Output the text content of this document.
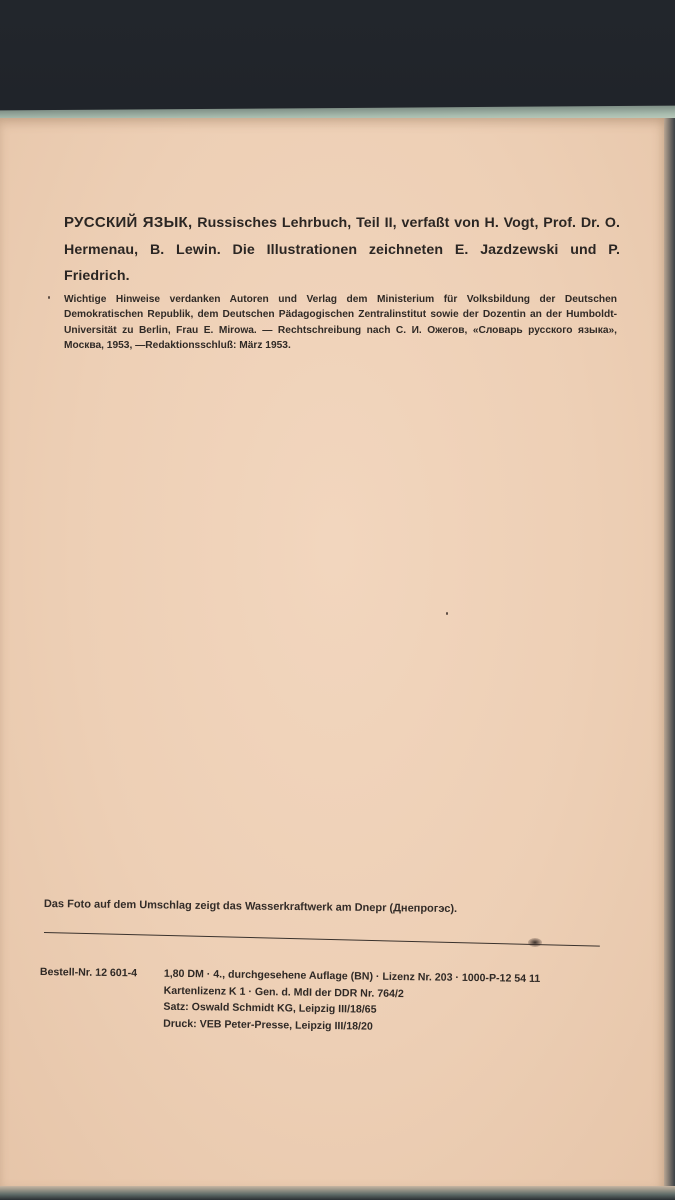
РУССКИЙ ЯЗЫК, Russisches Lehrbuch, Teil II, verfaßt von H. Vogt, Prof. Dr. O. Hermenau, B. Lewin. Die Illustrationen zeichneten E. Jazdzewski und P. Friedrich.
Wichtige Hinweise verdanken Autoren und Verlag dem Ministerium für Volksbildung der Deutschen Demokratischen Republik, dem Deutschen Pädagogischen Zentralinstitut sowie der Dozentin an der Humboldt-Universität zu Berlin, Frau E. Mirowa. — Rechtschreibung nach С. И. Ожегов, «Словарь русского языка», Москва, 1953, —Redaktionsschluß: März 1953.
Das Foto auf dem Umschlag zeigt das Wasserkraftwerk am Dnepr (Днепрогэс).
Bestell-Nr. 12 601-4	1,80 DM · 4., durchgesehene Auflage (BN) · Lizenz Nr. 203 · 1000-P-12 54 11
Kartenlizenz K 1 · Gen. d. MdI der DDR Nr. 764/2
Satz: Oswald Schmidt KG, Leipzig III/18/65
Druck: VEB Peter-Presse, Leipzig III/18/20
